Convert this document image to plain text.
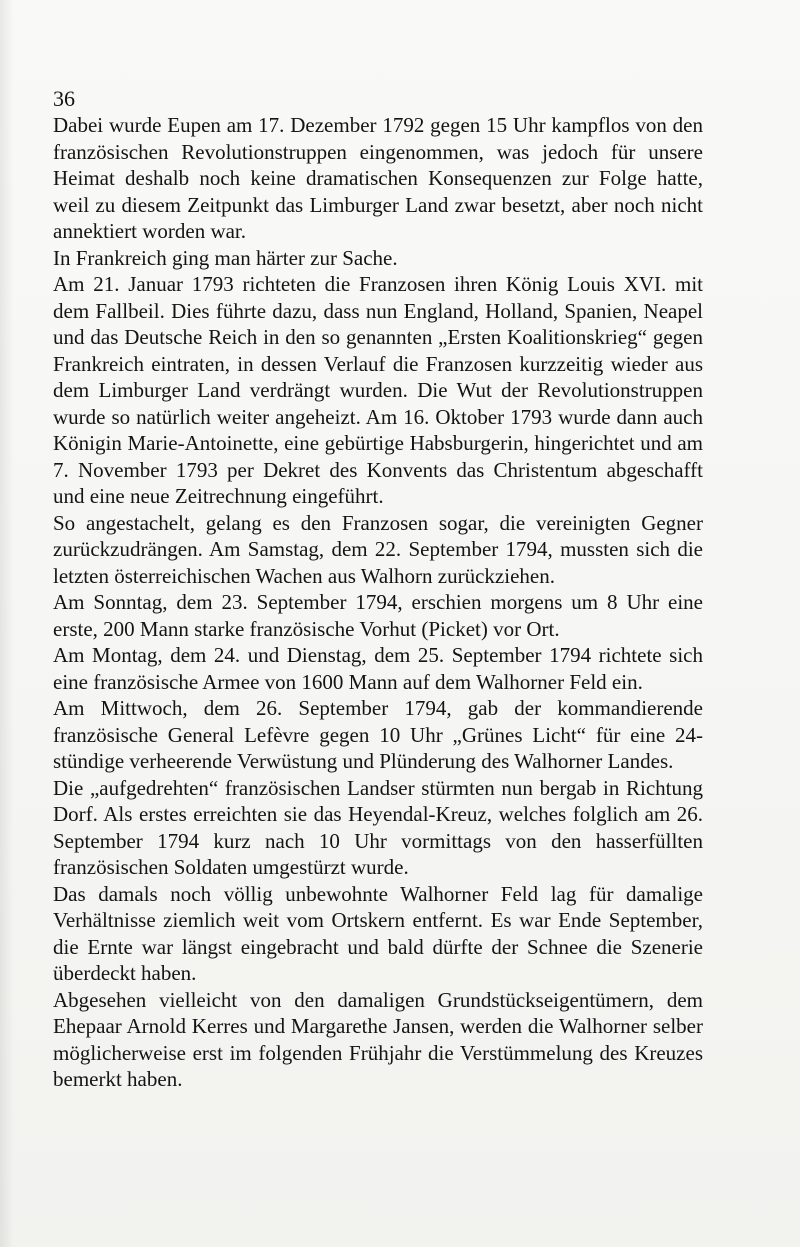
36

Dabei wurde Eupen am 17. Dezember 1792 gegen 15 Uhr kampflos von den französischen Revolutionstruppen eingenommen, was jedoch für unsere Heimat deshalb noch keine dramatischen Konsequenzen zur Folge hatte, weil zu diesem Zeitpunkt das Limburger Land zwar besetzt, aber noch nicht annektiert worden war.

In Frankreich ging man härter zur Sache.

Am 21. Januar 1793 richteten die Franzosen ihren König Louis XVI. mit dem Fallbeil. Dies führte dazu, dass nun England, Holland, Spanien, Neapel und das Deutsche Reich in den so genannten „Ersten Koalitionskrieg“ gegen Frankreich eintraten, in dessen Verlauf die Franzosen kurzzeitig wieder aus dem Limburger Land verdrängt wurden. Die Wut der Revolutionstruppen wurde so natürlich weiter angeheizt. Am 16. Oktober 1793 wurde dann auch Königin Marie-Antoinette, eine gebürtige Habsburgerin, hingerichtet und am 7. November 1793 per Dekret des Konvents das Christentum abgeschafft und eine neue Zeitrechnung eingeführt.

So angestachelt, gelang es den Franzosen sogar, die vereinigten Gegner zurückzudrängen. Am Samstag, dem 22. September 1794, mussten sich die letzten österreichischen Wachen aus Walhorn zurückziehen.

Am Sonntag, dem 23. September 1794, erschien morgens um 8 Uhr eine erste, 200 Mann starke französische Vorhut (Picket) vor Ort.

Am Montag, dem 24. und Dienstag, dem 25. September 1794 richtete sich eine französische Armee von 1600 Mann auf dem Walhorner Feld ein.

Am Mittwoch, dem 26. September 1794, gab der kommandierende französische General Lefèvre gegen 10 Uhr „Grünes Licht“ für eine 24-stündige verheerende Verwüstung und Plünderung des Walhorner Landes.

Die „aufgedrehten“ französischen Landser stürmten nun bergab in Richtung Dorf. Als erstes erreichten sie das Heyendal-Kreuz, welches folglich am 26. September 1794 kurz nach 10 Uhr vormittags von den hasserfüllten französischen Soldaten umgestürzt wurde.

Das damals noch völlig unbewohnte Walhorner Feld lag für damalige Verhältnisse ziemlich weit vom Ortskern entfernt. Es war Ende September, die Ernte war längst eingebracht und bald dürfte der Schnee die Szenerie überdeckt haben.

Abgesehen vielleicht von den damaligen Grundstückseigentümern, dem Ehepaar Arnold Kerres und Margarethe Jansen, werden die Walhorner selber möglicherweise erst im folgenden Frühjahr die Verstümmelung des Kreuzes bemerkt haben.
